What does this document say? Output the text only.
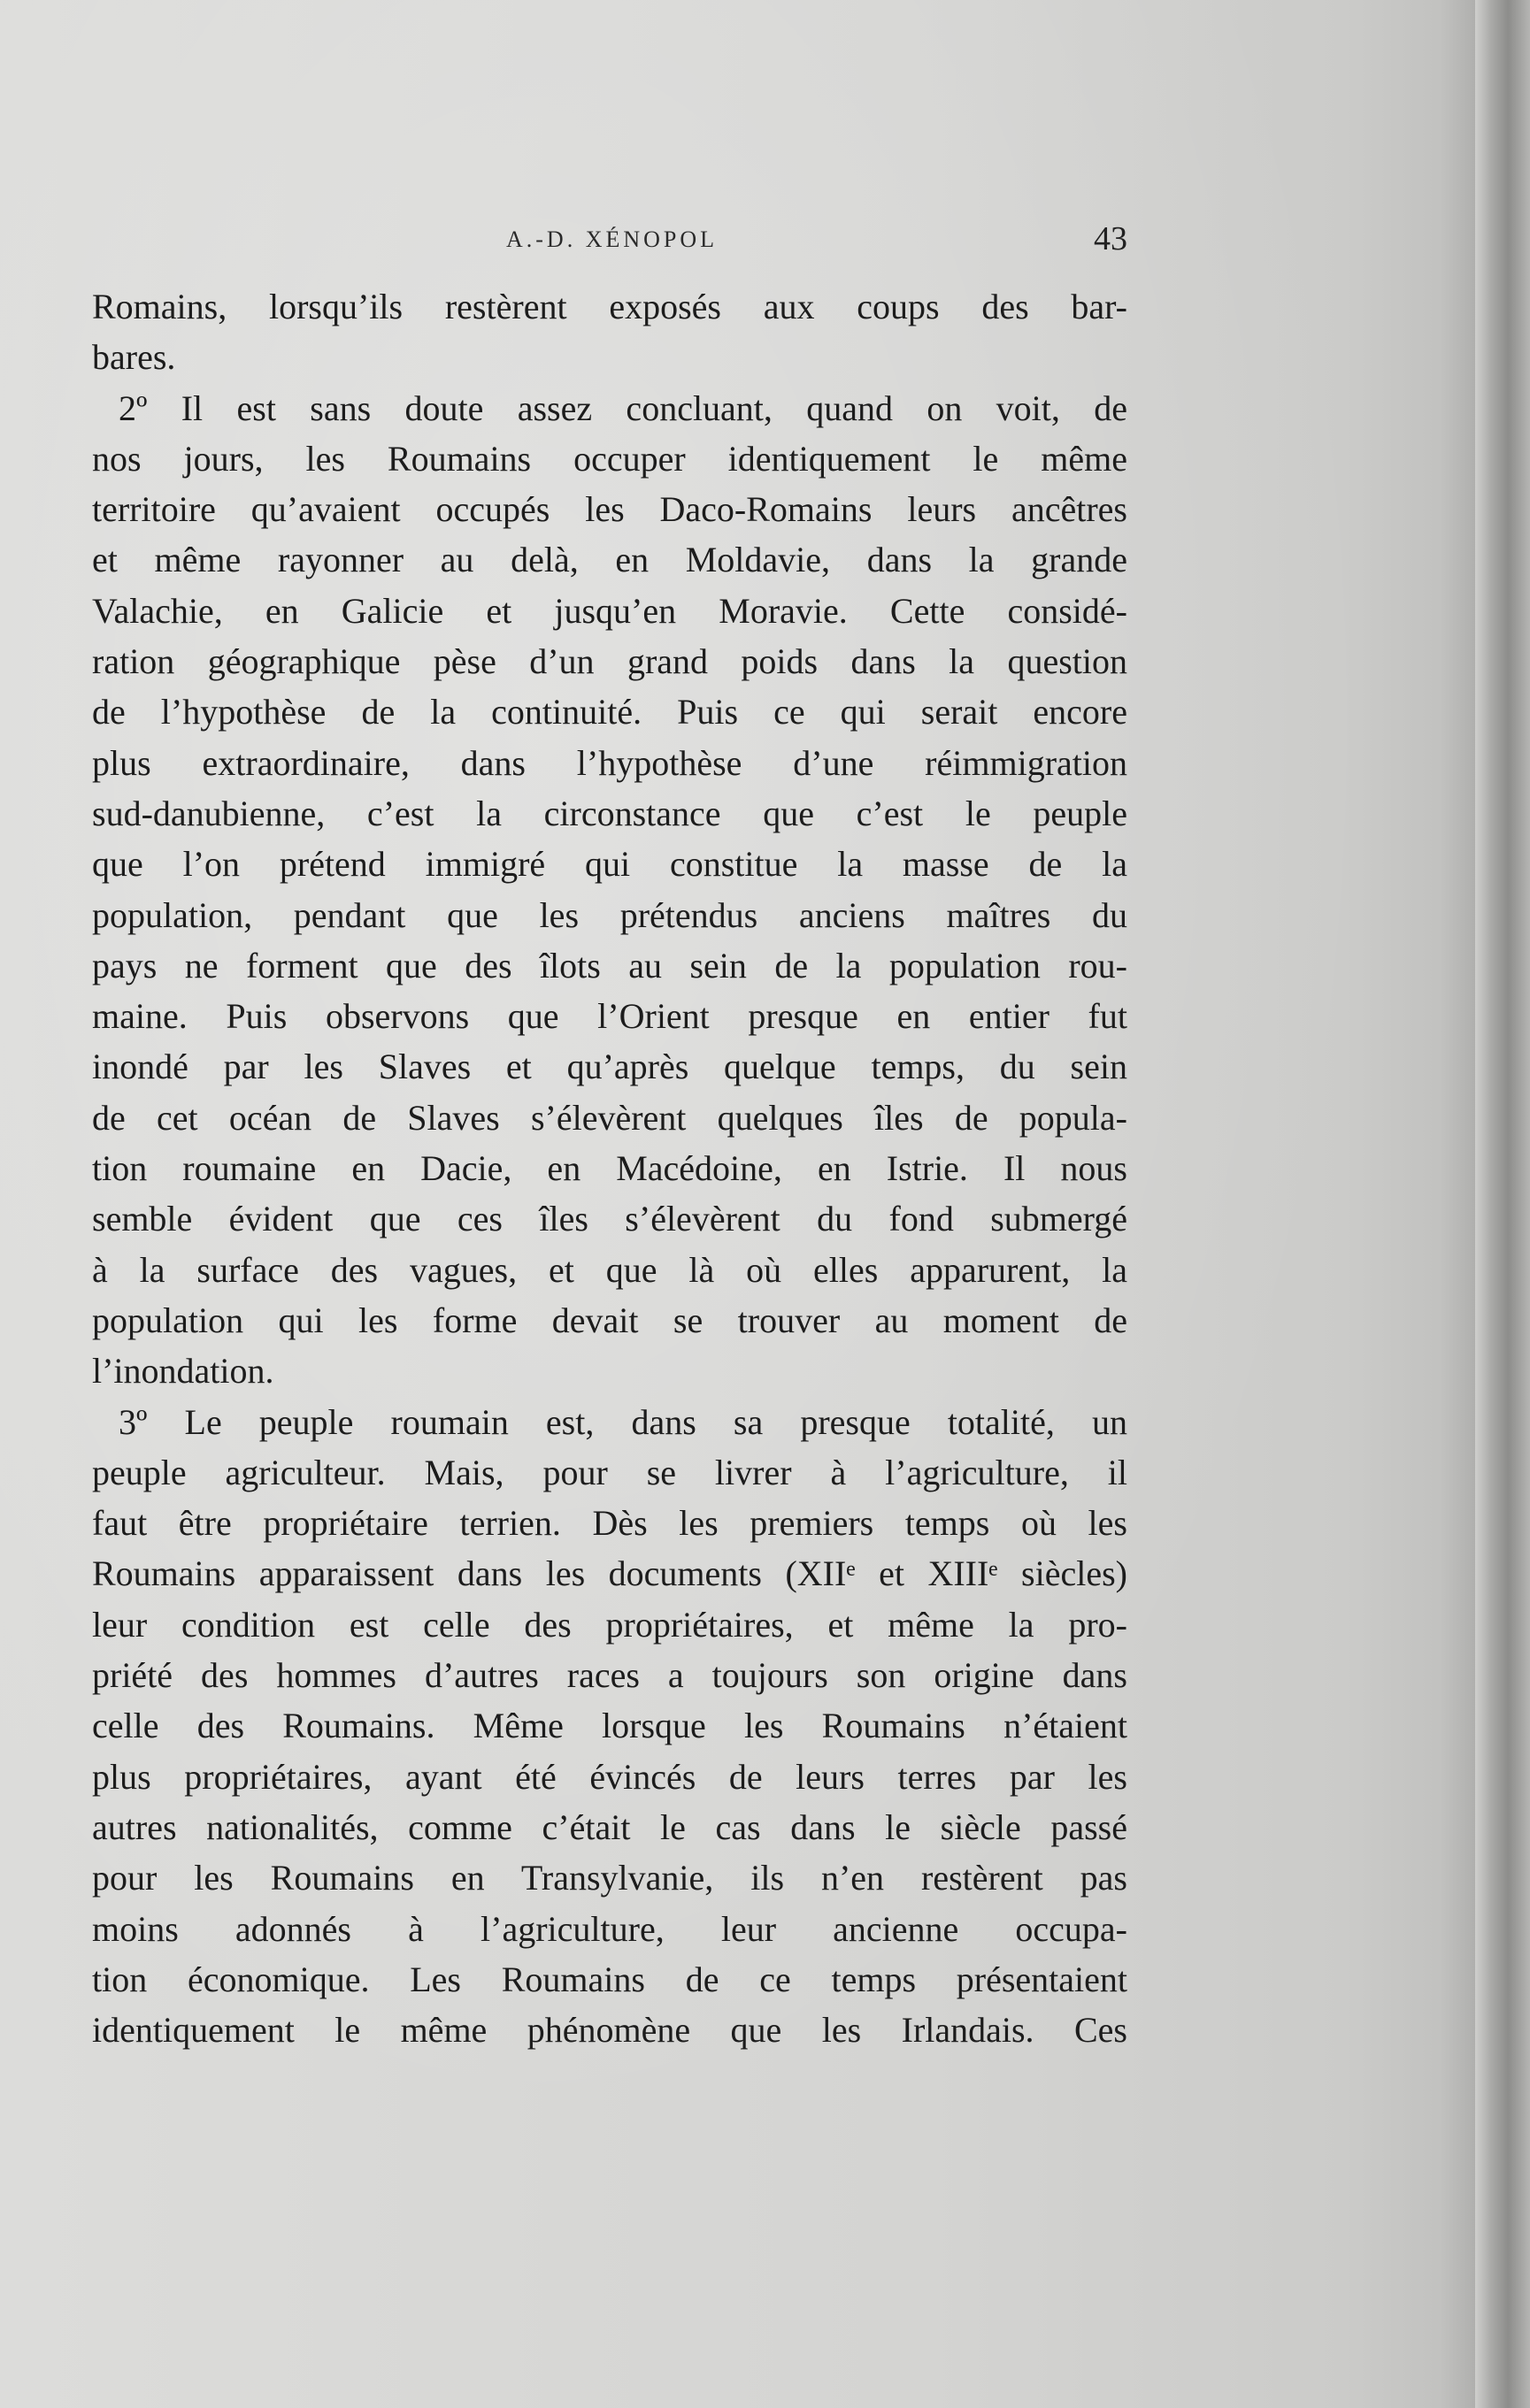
A.-D. XÉNOPOL	43
Romains, lorsqu’ils restèrent exposés aux coups des bar-
bares.
2º Il est sans doute assez concluant, quand on voit, de
nos jours, les Roumains occuper identiquement le même
territoire qu’avaient occupés les Daco-Romains leurs ancêtres
et même rayonner au delà, en Moldavie, dans la grande
Valachie, en Galicie et jusqu’en Moravie. Cette considé-
ration géographique pèse d’un grand poids dans la question
de l’hypothèse de la continuité. Puis ce qui serait encore
plus extraordinaire, dans l’hypothèse d’une réimmigration
sud-danubienne, c’est la circonstance que c’est le peuple
que l’on prétend immigré qui constitue la masse de la
population, pendant que les prétendus anciens maîtres du
pays ne forment que des îlots au sein de la population rou-
maine. Puis observons que l’Orient presque en entier fut
inondé par les Slaves et qu’après quelque temps, du sein
de cet océan de Slaves s’élevèrent quelques îles de popula-
tion roumaine en Dacie, en Macédoine, en Istrie. Il nous
semble évident que ces îles s’élevèrent du fond submergé
à la surface des vagues, et que là où elles apparurent, la
population qui les forme devait se trouver au moment de
l’inondation.
3º Le peuple roumain est, dans sa presque totalité, un
peuple agriculteur. Mais, pour se livrer à l’agriculture, il
faut être propriétaire terrien. Dès les premiers temps où les
Roumains apparaissent dans les documents (XIIᵉ et XIIIᵉ siècles)
leur condition est celle des propriétaires, et même la pro-
priété des hommes d’autres races a toujours son origine dans
celle des Roumains. Même lorsque les Roumains n’étaient
plus propriétaires, ayant été évincés de leurs terres par les
autres nationalités, comme c’était le cas dans le siècle passé
pour les Roumains en Transylvanie, ils n’en restèrent pas
moins adonnés à l’agriculture, leur ancienne occupa-
tion économique. Les Roumains de ce temps présentaient
identiquement le même phénomène que les Irlandais. Ces
